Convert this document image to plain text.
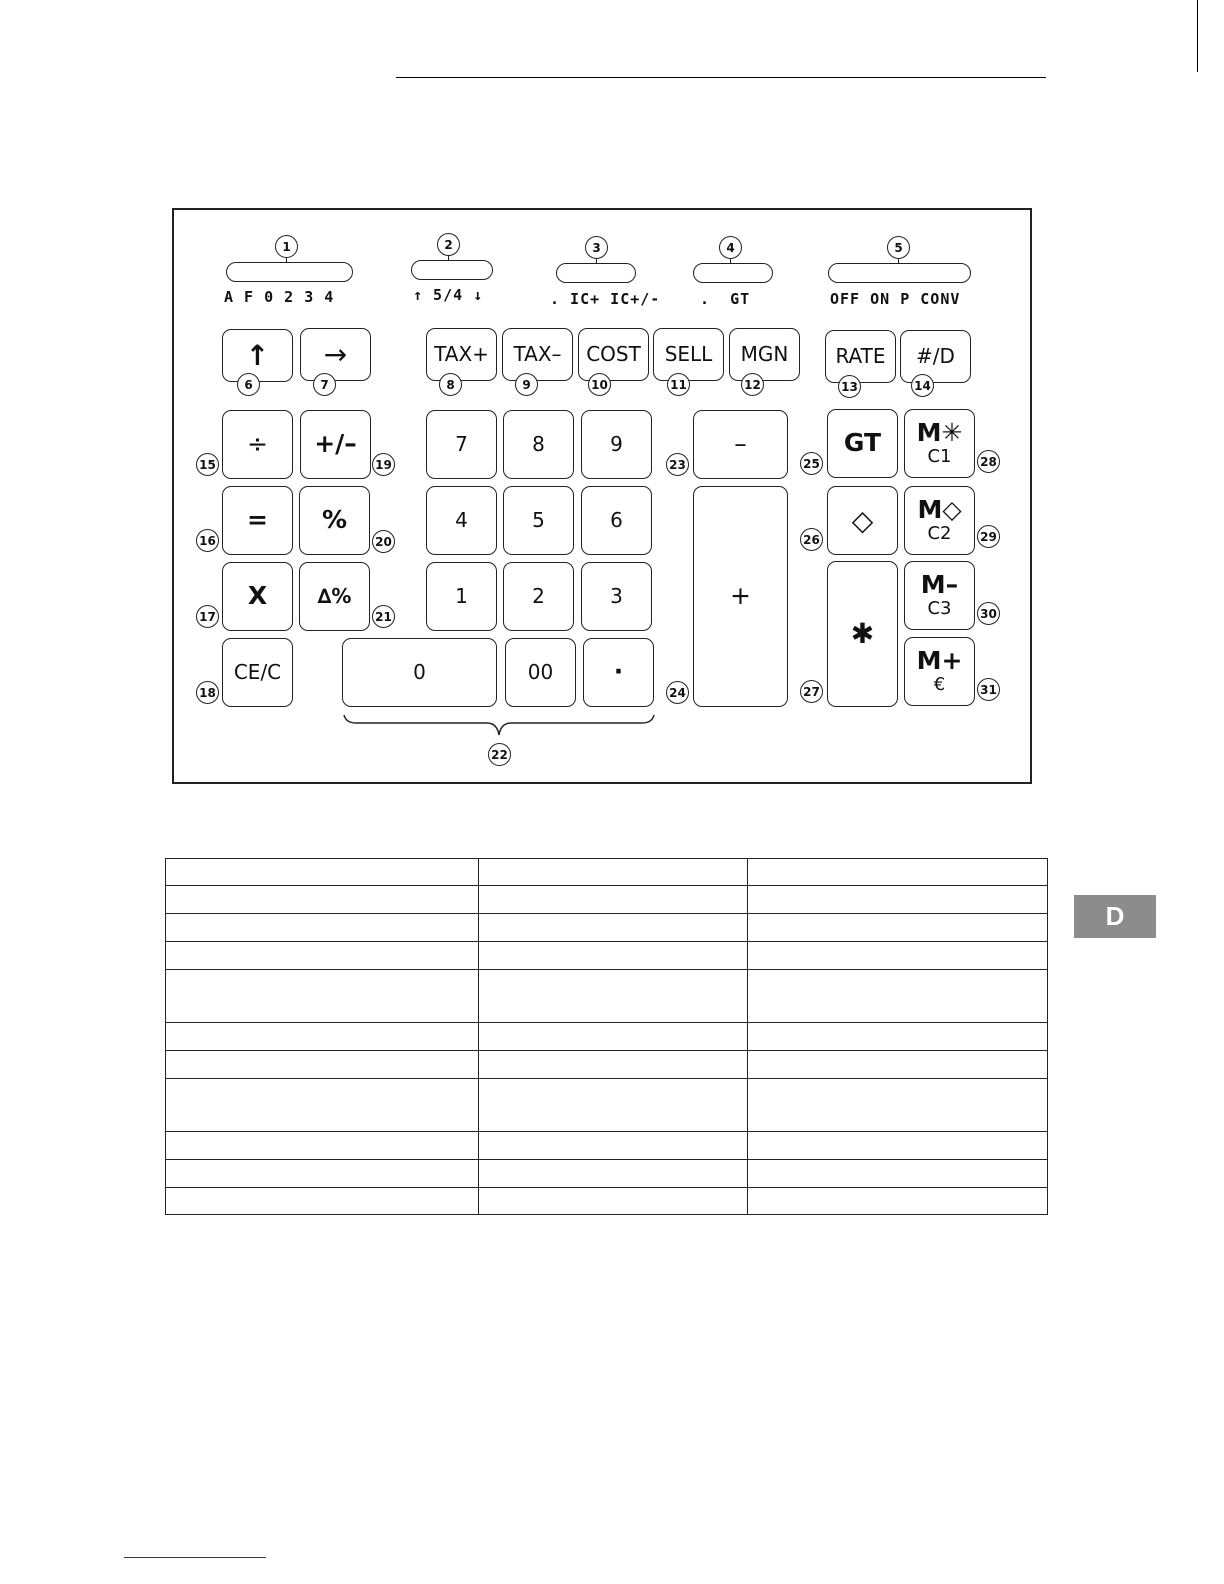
A F 0 2 3 4
1
↑ 5/4 ↓
2
. IC+ IC+/-
3
.  GT
4
OFF ON P CONV
5
↑
6
→
7
TAX+
8
TAX–
9
COST
10
SELL
11
MGN
12
RATE
13
#/D
14
÷
15
=
16
X
17
CE/C
18
+/–
19
%
20
∆%
21
7	8	9
4	5	6
1	2	3
0	00 ·
22
–
23
+
24
GT
25
◇
26
✱
27
M✳
C1 28
M◇
C2 29
M–
C3 30
M+
€	31

D
